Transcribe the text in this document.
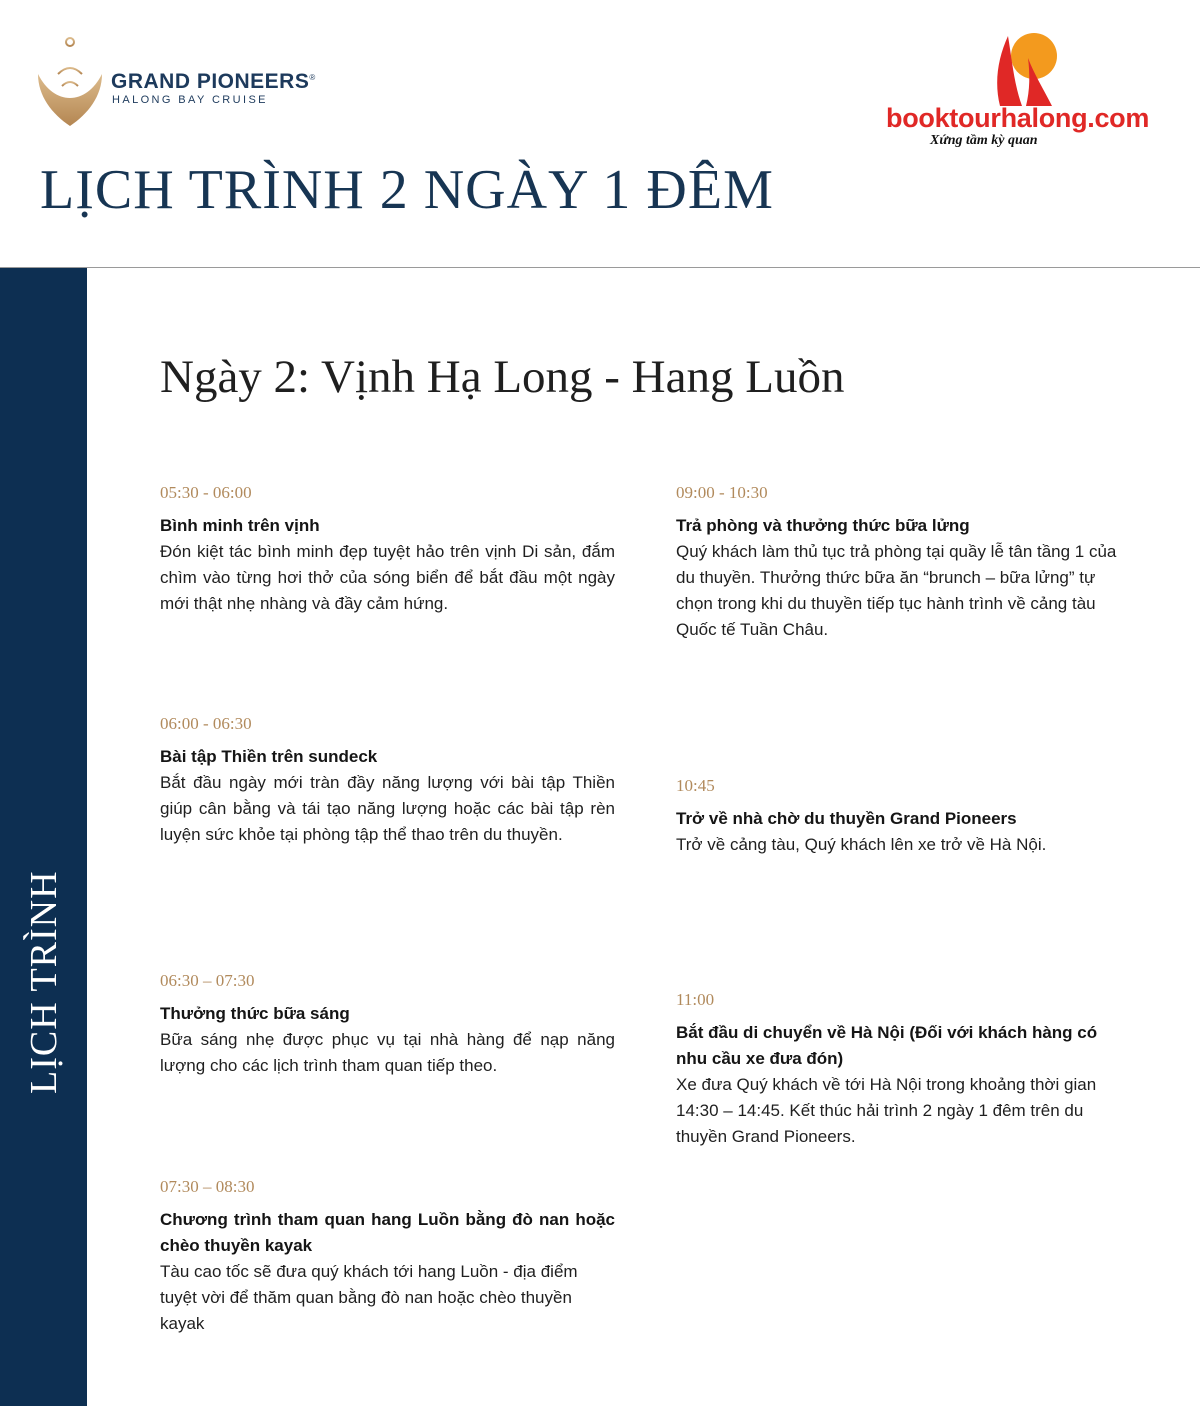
GRAND PIONEERS®
HALONG BAY CRUISE
booktourhalong.com
Xứng tầm kỳ quan
LỊCH TRÌNH 2 NGÀY 1 ĐÊM
LỊCH TRÌNH
Ngày 2: Vịnh Hạ Long - Hang Luồn
05:30 - 06:00
Bình minh trên vịnh
Đón kiệt tác bình minh đẹp tuyệt hảo trên vịnh Di sản, đắm chìm vào từng hơi thở của sóng biển để bắt đầu một ngày mới thật nhẹ nhàng và đầy cảm hứng.
06:00 - 06:30
Bài tập Thiền trên sundeck
Bắt đầu ngày mới tràn đầy năng lượng với bài tập Thiền giúp cân bằng và tái tạo năng lượng hoặc các bài tập rèn luyện sức khỏe tại phòng tập thể thao trên du thuyền.
06:30 – 07:30
Thưởng thức bữa sáng
Bữa sáng nhẹ được phục vụ tại nhà hàng để nạp năng lượng cho các lịch trình tham quan tiếp theo.
07:30 – 08:30
Chương trình tham quan hang Luồn bằng đò nan hoặc chèo thuyền kayak
Tàu cao tốc sẽ đưa quý khách tới hang Luồn - địa điểm tuyệt vời để thăm quan bằng đò nan hoặc chèo thuyền kayak
09:00 - 10:30
Trả phòng và thưởng thức bữa lửng
Quý khách làm thủ tục trả phòng tại quầy lễ tân tầng 1 của du thuyền. Thưởng thức bữa ăn “brunch – bữa lửng” tự chọn trong khi du thuyền tiếp tục hành trình về cảng tàu Quốc tế Tuần Châu.
10:45
Trở về nhà chờ du thuyền Grand Pioneers
Trở về cảng tàu, Quý khách lên xe trở về Hà Nội.
11:00
Bắt đầu di chuyển về Hà Nội (Đối với khách hàng có nhu cầu xe đưa đón)
Xe đưa Quý khách về tới Hà Nội trong khoảng thời gian 14:30 – 14:45. Kết thúc hải trình 2 ngày 1 đêm trên du thuyền Grand Pioneers.
